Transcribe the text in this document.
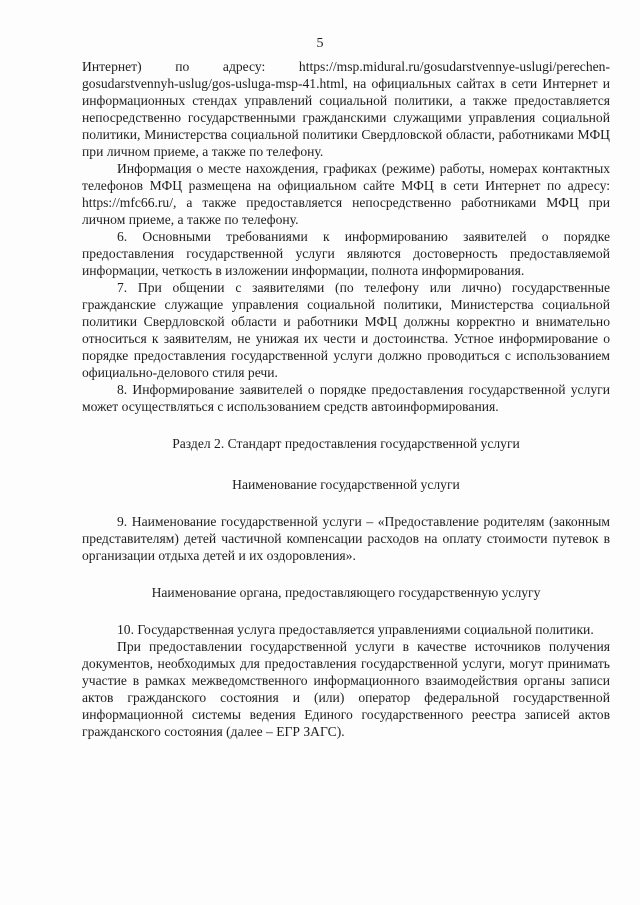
5

Интернет) по адресу: https://msp.midural.ru/gosudarstvennye-uslugi/perechen-gosudarstvennyh-uslug/gos-usluga-msp-41.html, на официальных сайтах в сети Интернет и информационных стендах управлений социальной политики, а также предоставляется непосредственно государственными гражданскими служащими управления социальной политики, Министерства социальной политики Свердловской области, работниками МФЦ при личном приеме, а также по телефону.

Информация о месте нахождения, графиках (режиме) работы, номерах контактных телефонов МФЦ размещена на официальном сайте МФЦ в сети Интернет по адресу: https://mfc66.ru/, а также предоставляется непосредственно работниками МФЦ при личном приеме, а также по телефону.

6. Основными требованиями к информированию заявителей о порядке предоставления государственной услуги являются достоверность предоставляемой информации, четкость в изложении информации, полнота информирования.

7. При общении с заявителями (по телефону или лично) государственные гражданские служащие управления социальной политики, Министерства социальной политики Свердловской области и работники МФЦ должны корректно и внимательно относиться к заявителям, не унижая их чести и достоинства. Устное информирование о порядке предоставления государственной услуги должно проводиться с использованием официально-делового стиля речи.

8. Информирование заявителей о порядке предоставления государственной услуги может осуществляться с использованием средств автоинформирования.

Раздел 2. Стандарт предоставления государственной услуги

Наименование государственной услуги

9. Наименование государственной услуги – «Предоставление родителям (законным представителям) детей частичной компенсации расходов на оплату стоимости путевок в организации отдыха детей и их оздоровления».

Наименование органа, предоставляющего государственную услугу

10. Государственная услуга предоставляется управлениями социальной политики.

При предоставлении государственной услуги в качестве источников получения документов, необходимых для предоставления государственной услуги, могут принимать участие в рамках межведомственного информационного взаимодействия органы записи актов гражданского состояния и (или) оператор федеральной государственной информационной системы ведения Единого государственного реестра записей актов гражданского состояния (далее – ЕГР ЗАГС).
